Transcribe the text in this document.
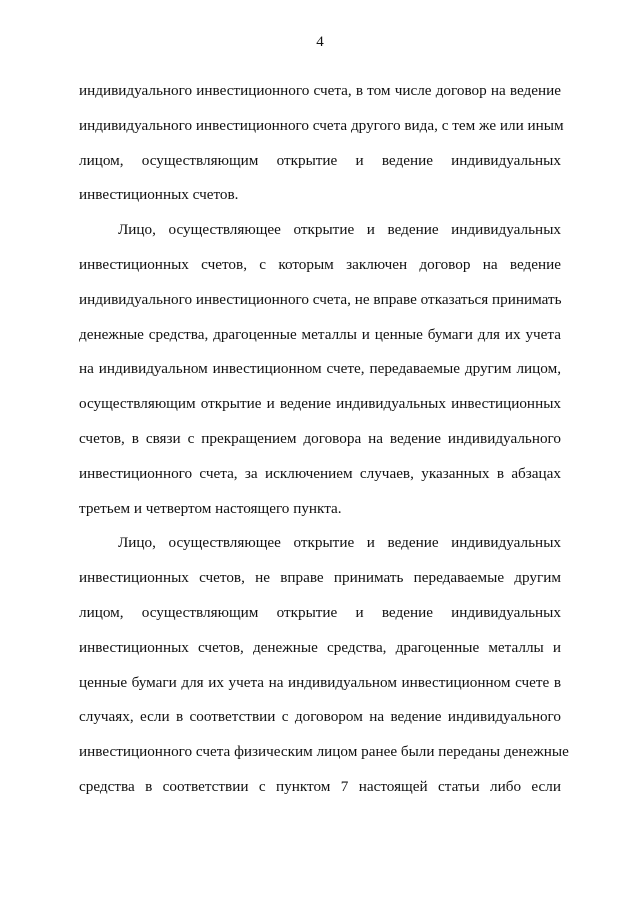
4
индивидуального инвестиционного счета, в том числе договор на ведение
индивидуального инвестиционного счета другого вида, с тем же или иным
лицом, осуществляющим открытие и ведение индивидуальных
инвестиционных счетов.
Лицо, осуществляющее открытие и ведение индивидуальных
инвестиционных счетов, с которым заключен договор на ведение
индивидуального инвестиционного счета, не вправе отказаться принимать
денежные средства, драгоценные металлы и ценные бумаги для их учета
на индивидуальном инвестиционном счете, передаваемые другим лицом,
осуществляющим открытие и ведение индивидуальных инвестиционных
счетов, в связи с прекращением договора на ведение индивидуального
инвестиционного счета, за исключением случаев, указанных в абзацах
третьем и четвертом настоящего пункта.
Лицо, осуществляющее открытие и ведение индивидуальных
инвестиционных счетов, не вправе принимать передаваемые другим
лицом, осуществляющим открытие и ведение индивидуальных
инвестиционных счетов, денежные средства, драгоценные металлы и
ценные бумаги для их учета на индивидуальном инвестиционном счете в
случаях, если в соответствии с договором на ведение индивидуального
инвестиционного счета физическим лицом ранее были переданы денежные
средства в соответствии с пунктом 7 настоящей статьи либо если
